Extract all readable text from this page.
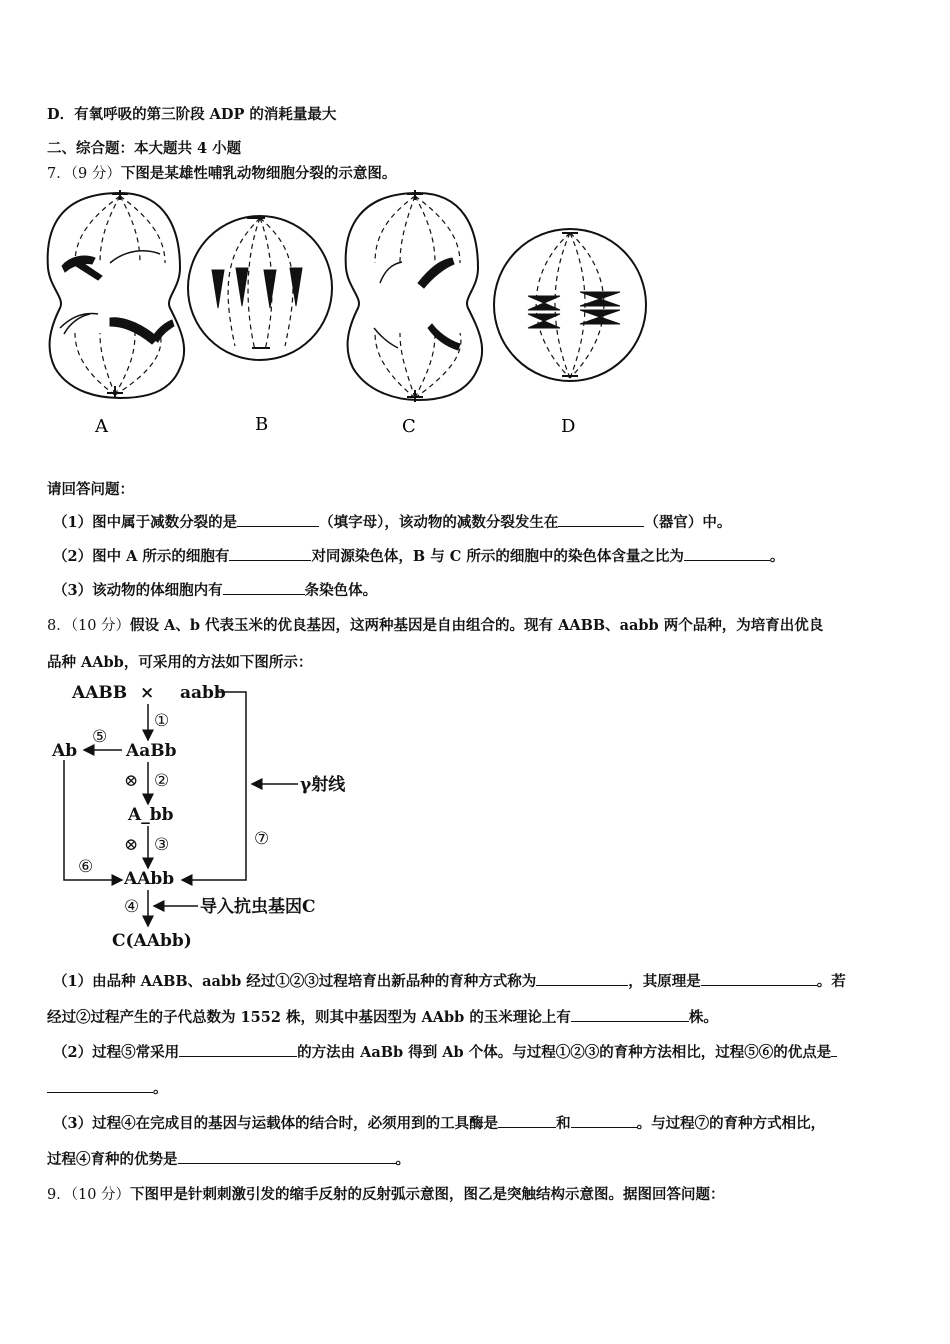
D．有氧呼吸的第三阶段 ADP 的消耗量最大
二、综合题：本大题共 4 小题
7．（9 分）下图是某雄性哺乳动物细胞分裂的示意图。
A	B	C	D
请回答问题：
（1）图中属于减数分裂的是	（填字母），该动物的减数分裂发生在	（器官）中。
（2）图中 A 所示的细胞有	对同源染色体，B 与 C 所示的细胞中的染色体含量之比为	。
（3）该动物的体细胞内有	条染色体。
8．（10 分）假设 A、b 代表玉米的优良基因，这两种基因是自由组合的。现有 AABB、aabb 两个品种，为培育出优良
品种 AAbb，可采用的方法如下图所示：
AABB × aabb
AaBb
Ab
A_bb
AAbb
C(AAbb)
γ射线
导入抗虫基因C
①
②
③
④
⑤
⑥
⑦
⊗
⊗
（1）由品种 AABB、aabb 经过①②③过程培育出新品种的育种方式称为	，其原理是	。若
经过②过程产生的子代总数为 1552 株，则其中基因型为 AAbb 的玉米理论上有	株。
（2）过程⑤常采用	的方法由 AaBb 得到 Ab 个体。与过程①②③的育种方法相比，过程⑤⑥的优点是
。
（3）过程④在完成目的基因与运载体的结合时，必须用到的工具酶是	和	。与过程⑦的育种方式相比，
过程④育种的优势是	。
9．（10 分）下图甲是针刺刺激引发的缩手反射的反射弧示意图，图乙是突触结构示意图。据图回答问题：
